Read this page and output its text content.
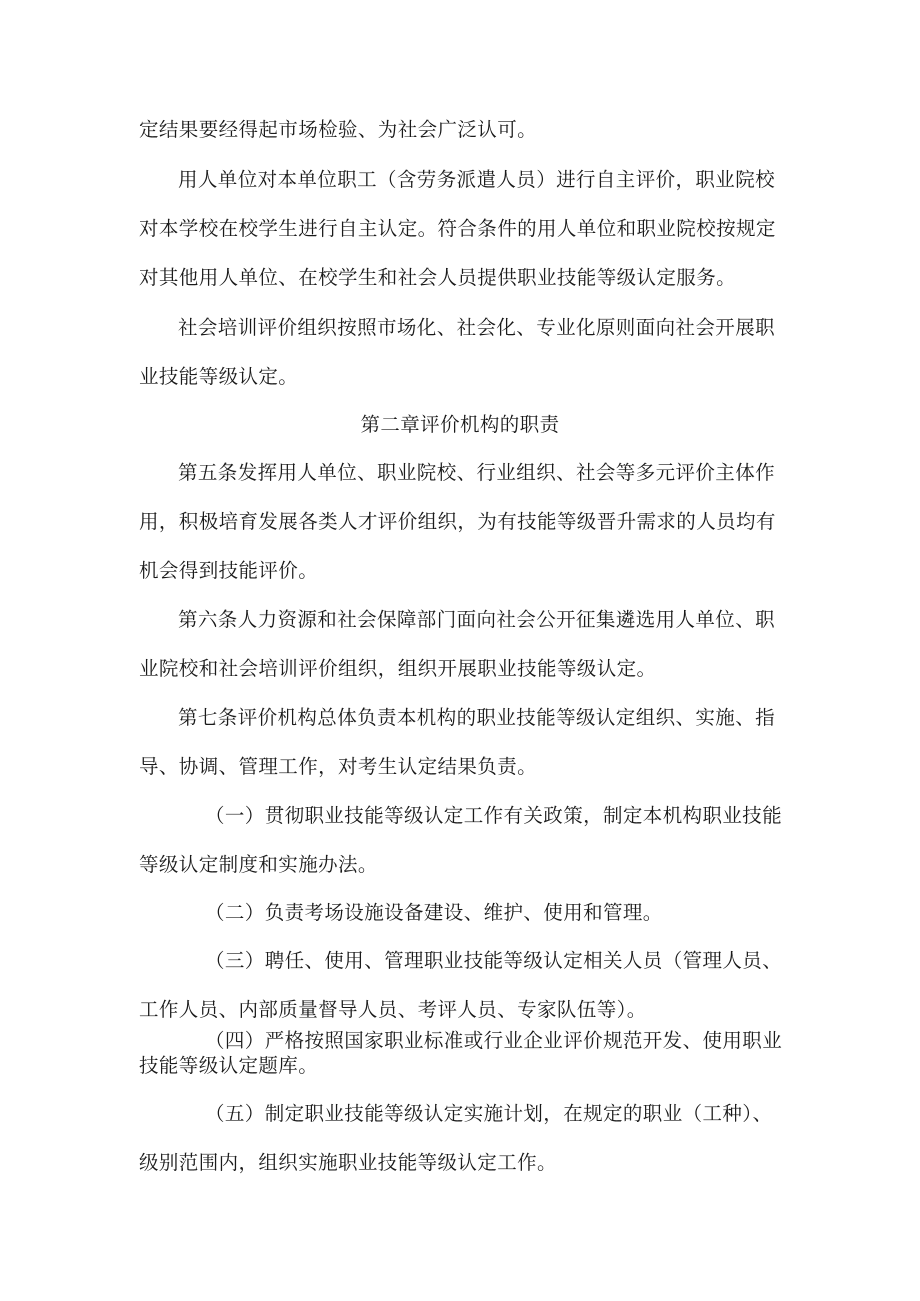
定结果要经得起市场检验、为社会广泛认可。
用人单位对本单位职工（含劳务派遣人员）进行自主评价，职业院校
对本学校在校学生进行自主认定。符合条件的用人单位和职业院校按规定
对其他用人单位、在校学生和社会人员提供职业技能等级认定服务。
社会培训评价组织按照市场化、社会化、专业化原则面向社会开展职
业技能等级认定。
第二章评价机构的职责
第五条发挥用人单位、职业院校、行业组织、社会等多元评价主体作
用，积极培育发展各类人才评价组织，为有技能等级晋升需求的人员均有
机会得到技能评价。
第六条人力资源和社会保障部门面向社会公开征集遴选用人单位、职
业院校和社会培训评价组织，组织开展职业技能等级认定。
第七条评价机构总体负责本机构的职业技能等级认定组织、实施、指
导、协调、管理工作，对考生认定结果负责。
（一）贯彻职业技能等级认定工作有关政策，制定本机构职业技能
等级认定制度和实施办法。
（二）负责考场设施设备建设、维护、使用和管理。
（三）聘任、使用、管理职业技能等级认定相关人员（管理人员、
工作人员、内部质量督导人员、考评人员、专家队伍等）。
（四）严格按照国家职业标准或行业企业评价规范开发、使用职业
技能等级认定题库。
（五）制定职业技能等级认定实施计划，在规定的职业（工种）、
级别范围内，组织实施职业技能等级认定工作。
